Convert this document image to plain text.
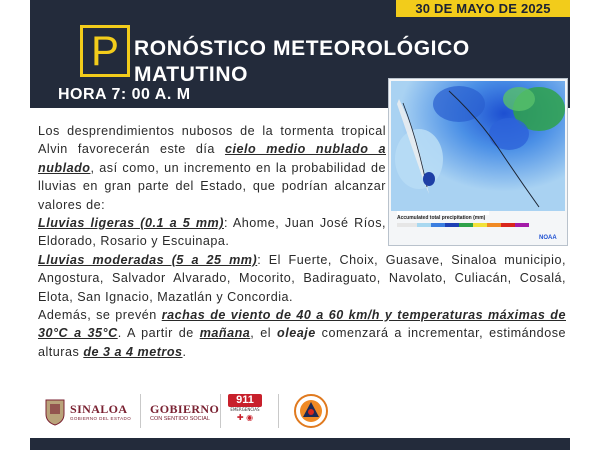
30 DE MAYO DE 2025
P RONÓSTICO METEOROLÓGICO
MATUTINO
HORA 7: 00 A. M
Accumulated total precipitation (mm)
NOAA
Los desprendimientos nubosos de la tormenta tropical Alvin favorecerán este día cielo medio nublado a nublado, así como, un incremento en la probabilidad de lluvias en gran parte del Estado, que podrían alcanzar valores de:
Lluvias ligeras (0.1 a 5 mm): Ahome, Juan José Ríos, Eldorado, Rosario y Escuinapa.
Lluvias moderadas (5 a 25 mm): El Fuerte, Choix, Guasave, Sinaloa municipio, Angostura, Salvador Alvarado, Mocorito, Badiraguato, Navolato, Culiacán, Cosalá, Elota, San Ignacio, Mazatlán y Concordia.
Además, se prevén rachas de viento de 40 a 60 km/h y temperaturas máximas de 30°C a 35°C. A partir de mañana, el oleaje comenzará a incrementar, estimándose alturas de 3 a 4 metros.
SINALOA
GOBIERNO DEL ESTADO
GOBIERNO
CON SENTIDO SOCIAL
911
EMERGENCIAS
✚ ◉
